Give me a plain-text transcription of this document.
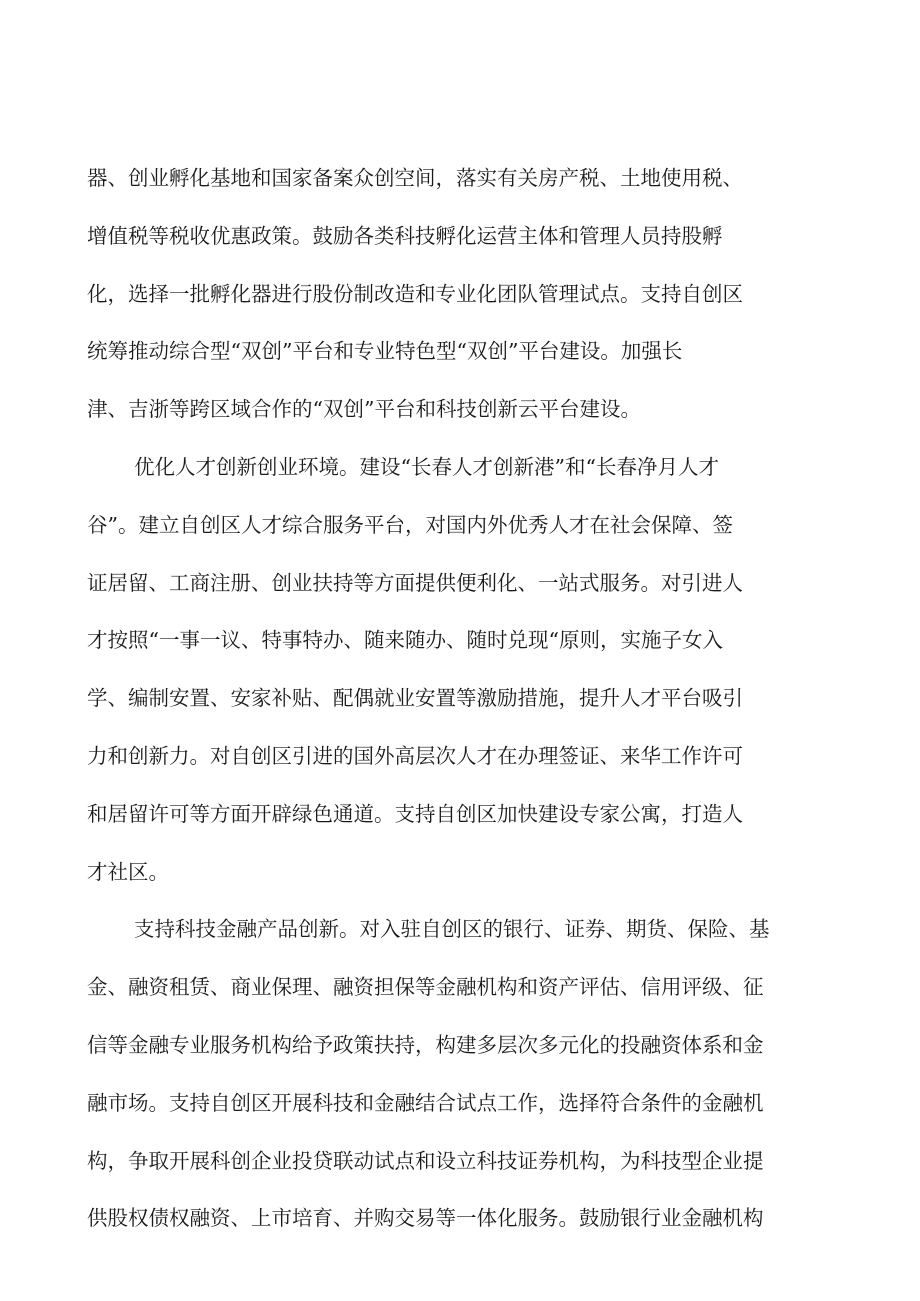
器、创业孵化基地和国家备案众创空间，落实有关房产税、土地使用税、
增值税等税收优惠政策。鼓励各类科技孵化运营主体和管理人员持股孵
化，选择一批孵化器进行股份制改造和专业化团队管理试点。支持自创区
统筹推动综合型“双创”平台和专业特色型“双创”平台建设。加强长
津、吉浙等跨区域合作的“双创”平台和科技创新云平台建设。
优化人才创新创业环境。建设“长春人才创新港”和“长春净月人才
谷”。建立自创区人才综合服务平台，对国内外优秀人才在社会保障、签
证居留、工商注册、创业扶持等方面提供便利化、一站式服务。对引进人
才按照“一事一议、特事特办、随来随办、随时兑现“原则，实施子女入
学、编制安置、安家补贴、配偶就业安置等激励措施，提升人才平台吸引
力和创新力。对自创区引进的国外高层次人才在办理签证、来华工作许可
和居留许可等方面开辟绿色通道。支持自创区加快建设专家公寓，打造人
才社区。
支持科技金融产品创新。对入驻自创区的银行、证券、期货、保险、基
金、融资租赁、商业保理、融资担保等金融机构和资产评估、信用评级、征
信等金融专业服务机构给予政策扶持，构建多层次多元化的投融资体系和金
融市场。支持自创区开展科技和金融结合试点工作，选择符合条件的金融机
构，争取开展科创企业投贷联动试点和设立科技证券机构，为科技型企业提
供股权债权融资、上市培育、并购交易等一体化服务。鼓励银行业金融机构
